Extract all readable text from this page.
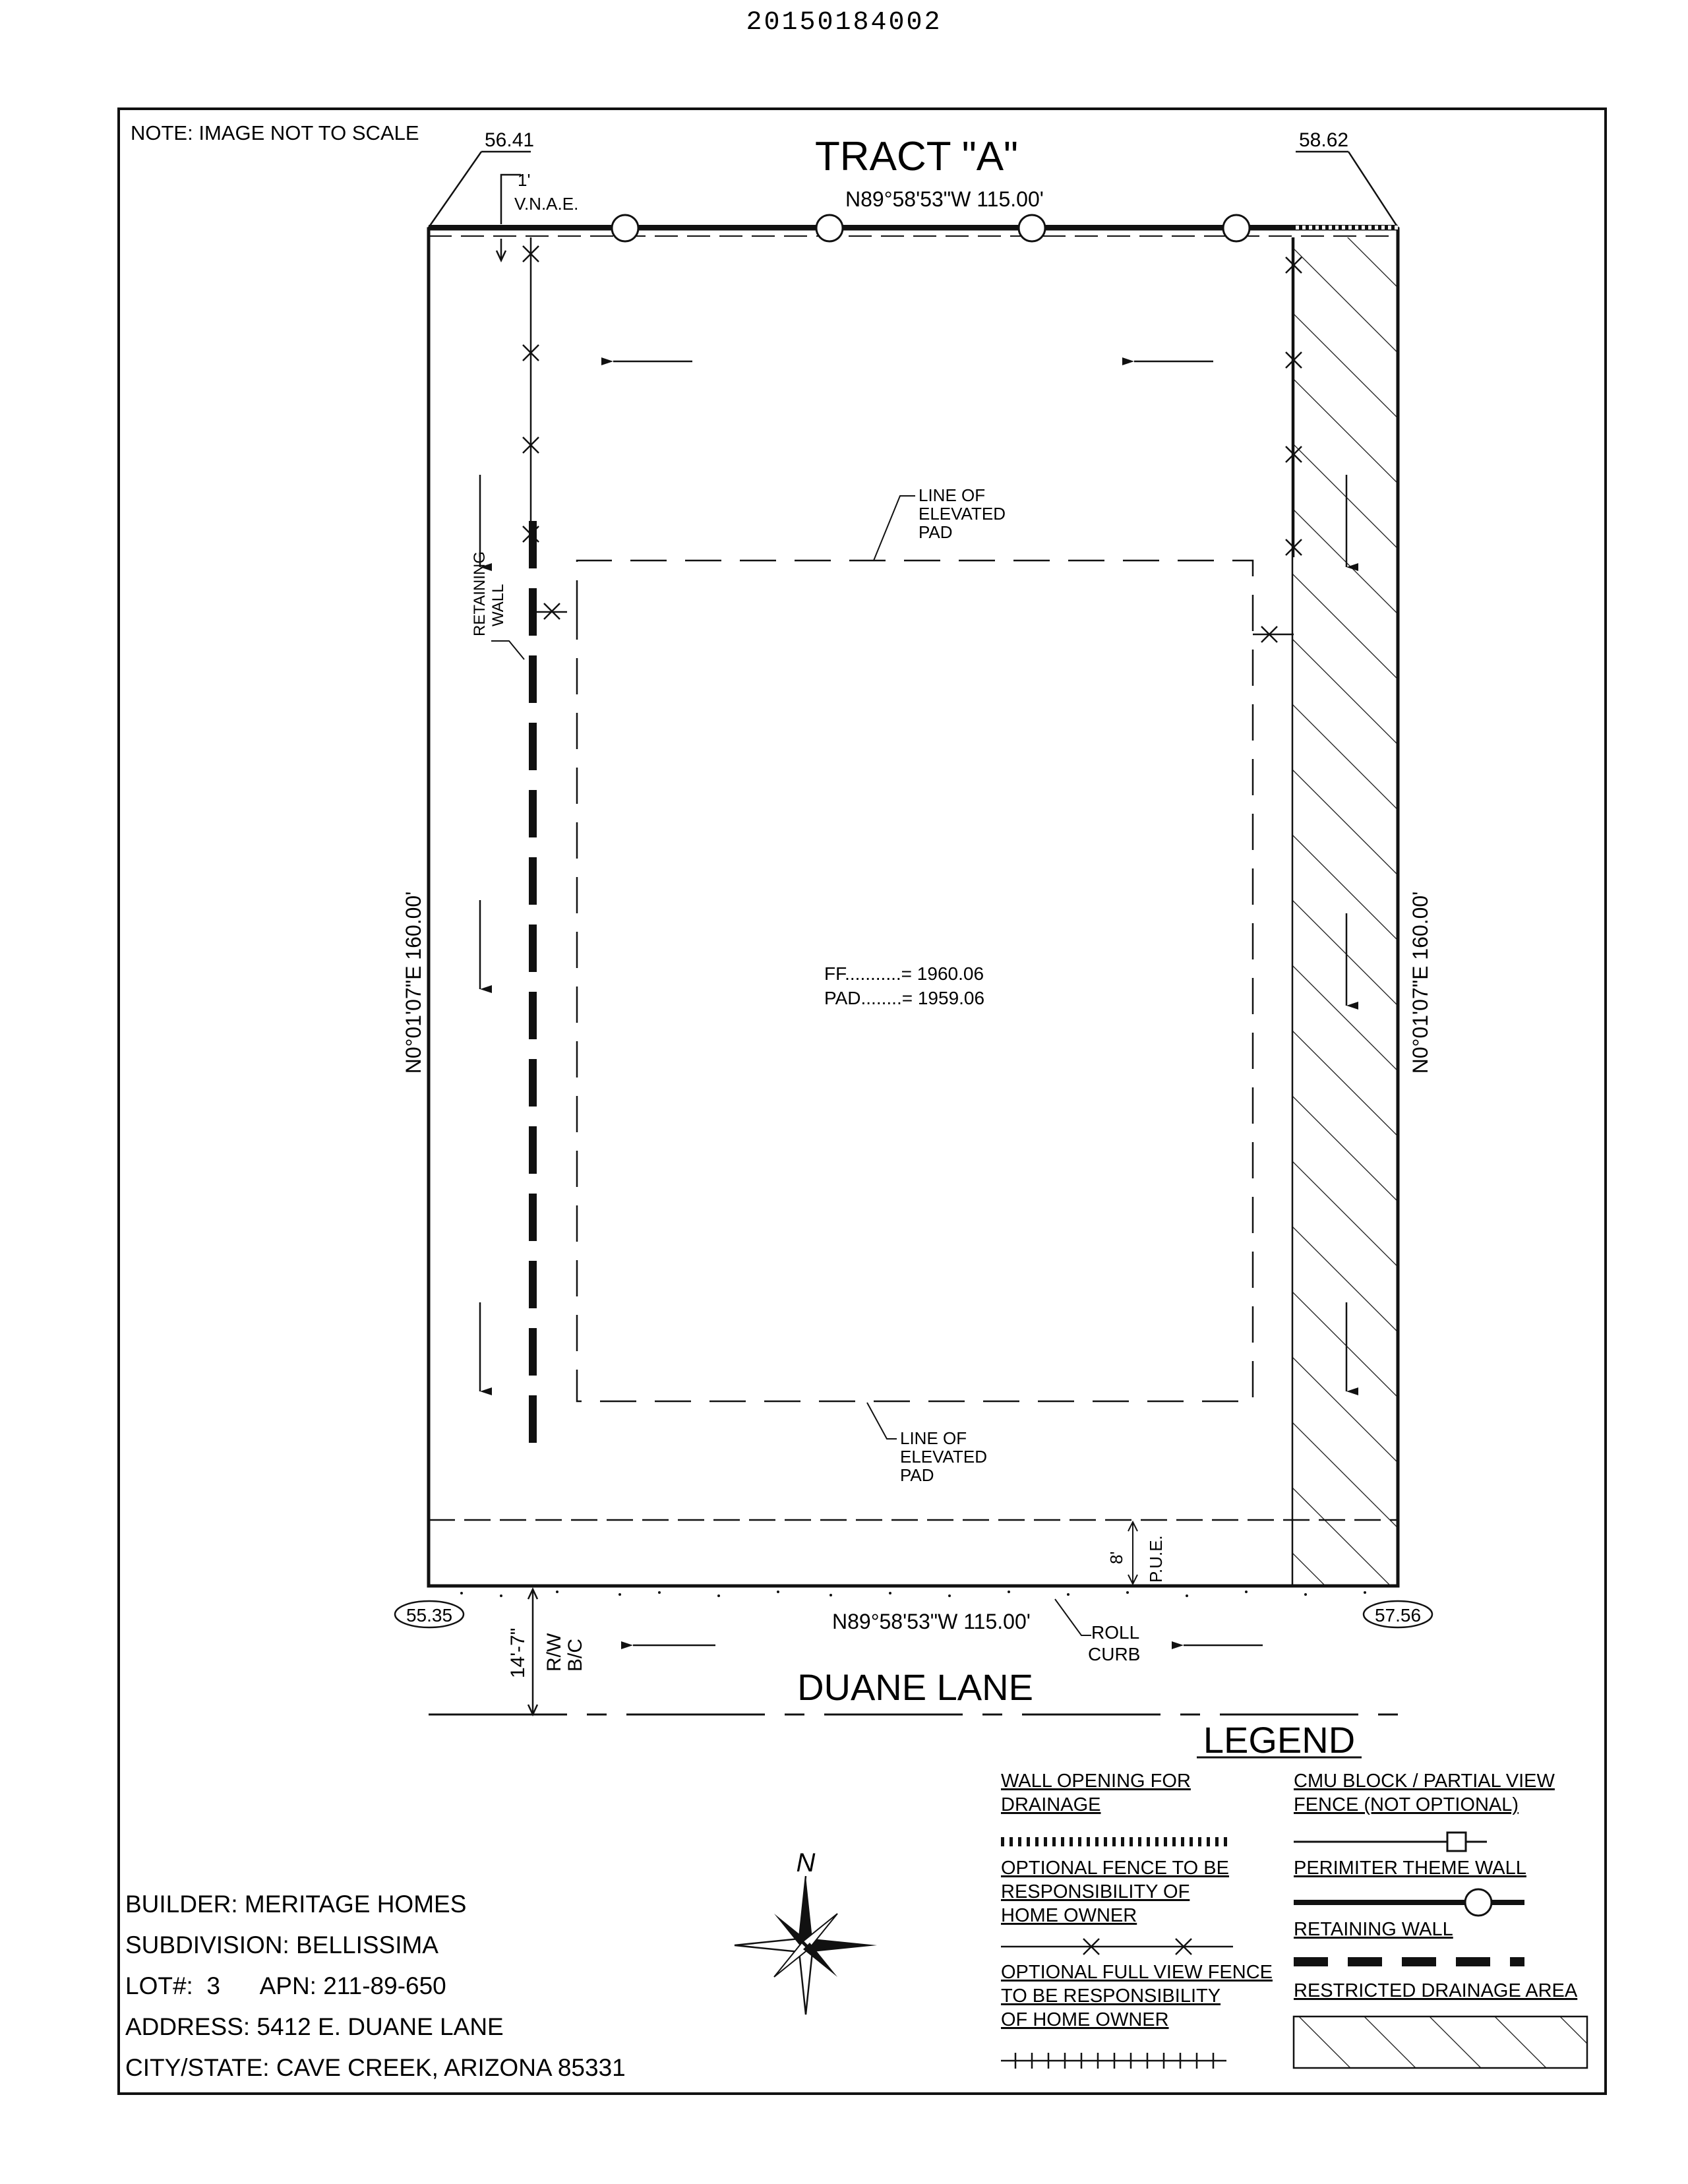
20150184002
NOTE: IMAGE NOT TO SCALE
TRACT "A"
56.41	58.62
1'
V.N.A.E.	N89°58'53"W 115.00'
RETAINING WALL
LINE OF
ELEVATED
PAD
LINE OF
ELEVATED
PAD
FF...........= 1960.06
PAD........= 1959.06
N0°01'07"E 160.00'	N0°01'07"E 160.00'
8' P.U.E.
55.35	57.56
N89°58'53"W 115.00'	ROLL
CURB
14'-7" R/W B/C
DUANE LANE
LEGEND
WALL OPENING FOR
DRAINAGE
OPTIONAL FENCE TO BE
RESPONSIBILITY OF
HOME OWNER
OPTIONAL FULL VIEW FENCE
TO BE RESPONSIBILITY
OF HOME OWNER
CMU BLOCK / PARTIAL VIEW
FENCE (NOT OPTIONAL)
PERIMITER THEME WALL
RETAINING WALL
RESTRICTED DRAINAGE AREA
N
BUILDER: MERITAGE HOMES
SUBDIVISION: BELLISSIMA
LOT#:  3      APN: 211-89-650
ADDRESS: 5412 E. DUANE LANE
CITY/STATE: CAVE CREEK, ARIZONA 85331
